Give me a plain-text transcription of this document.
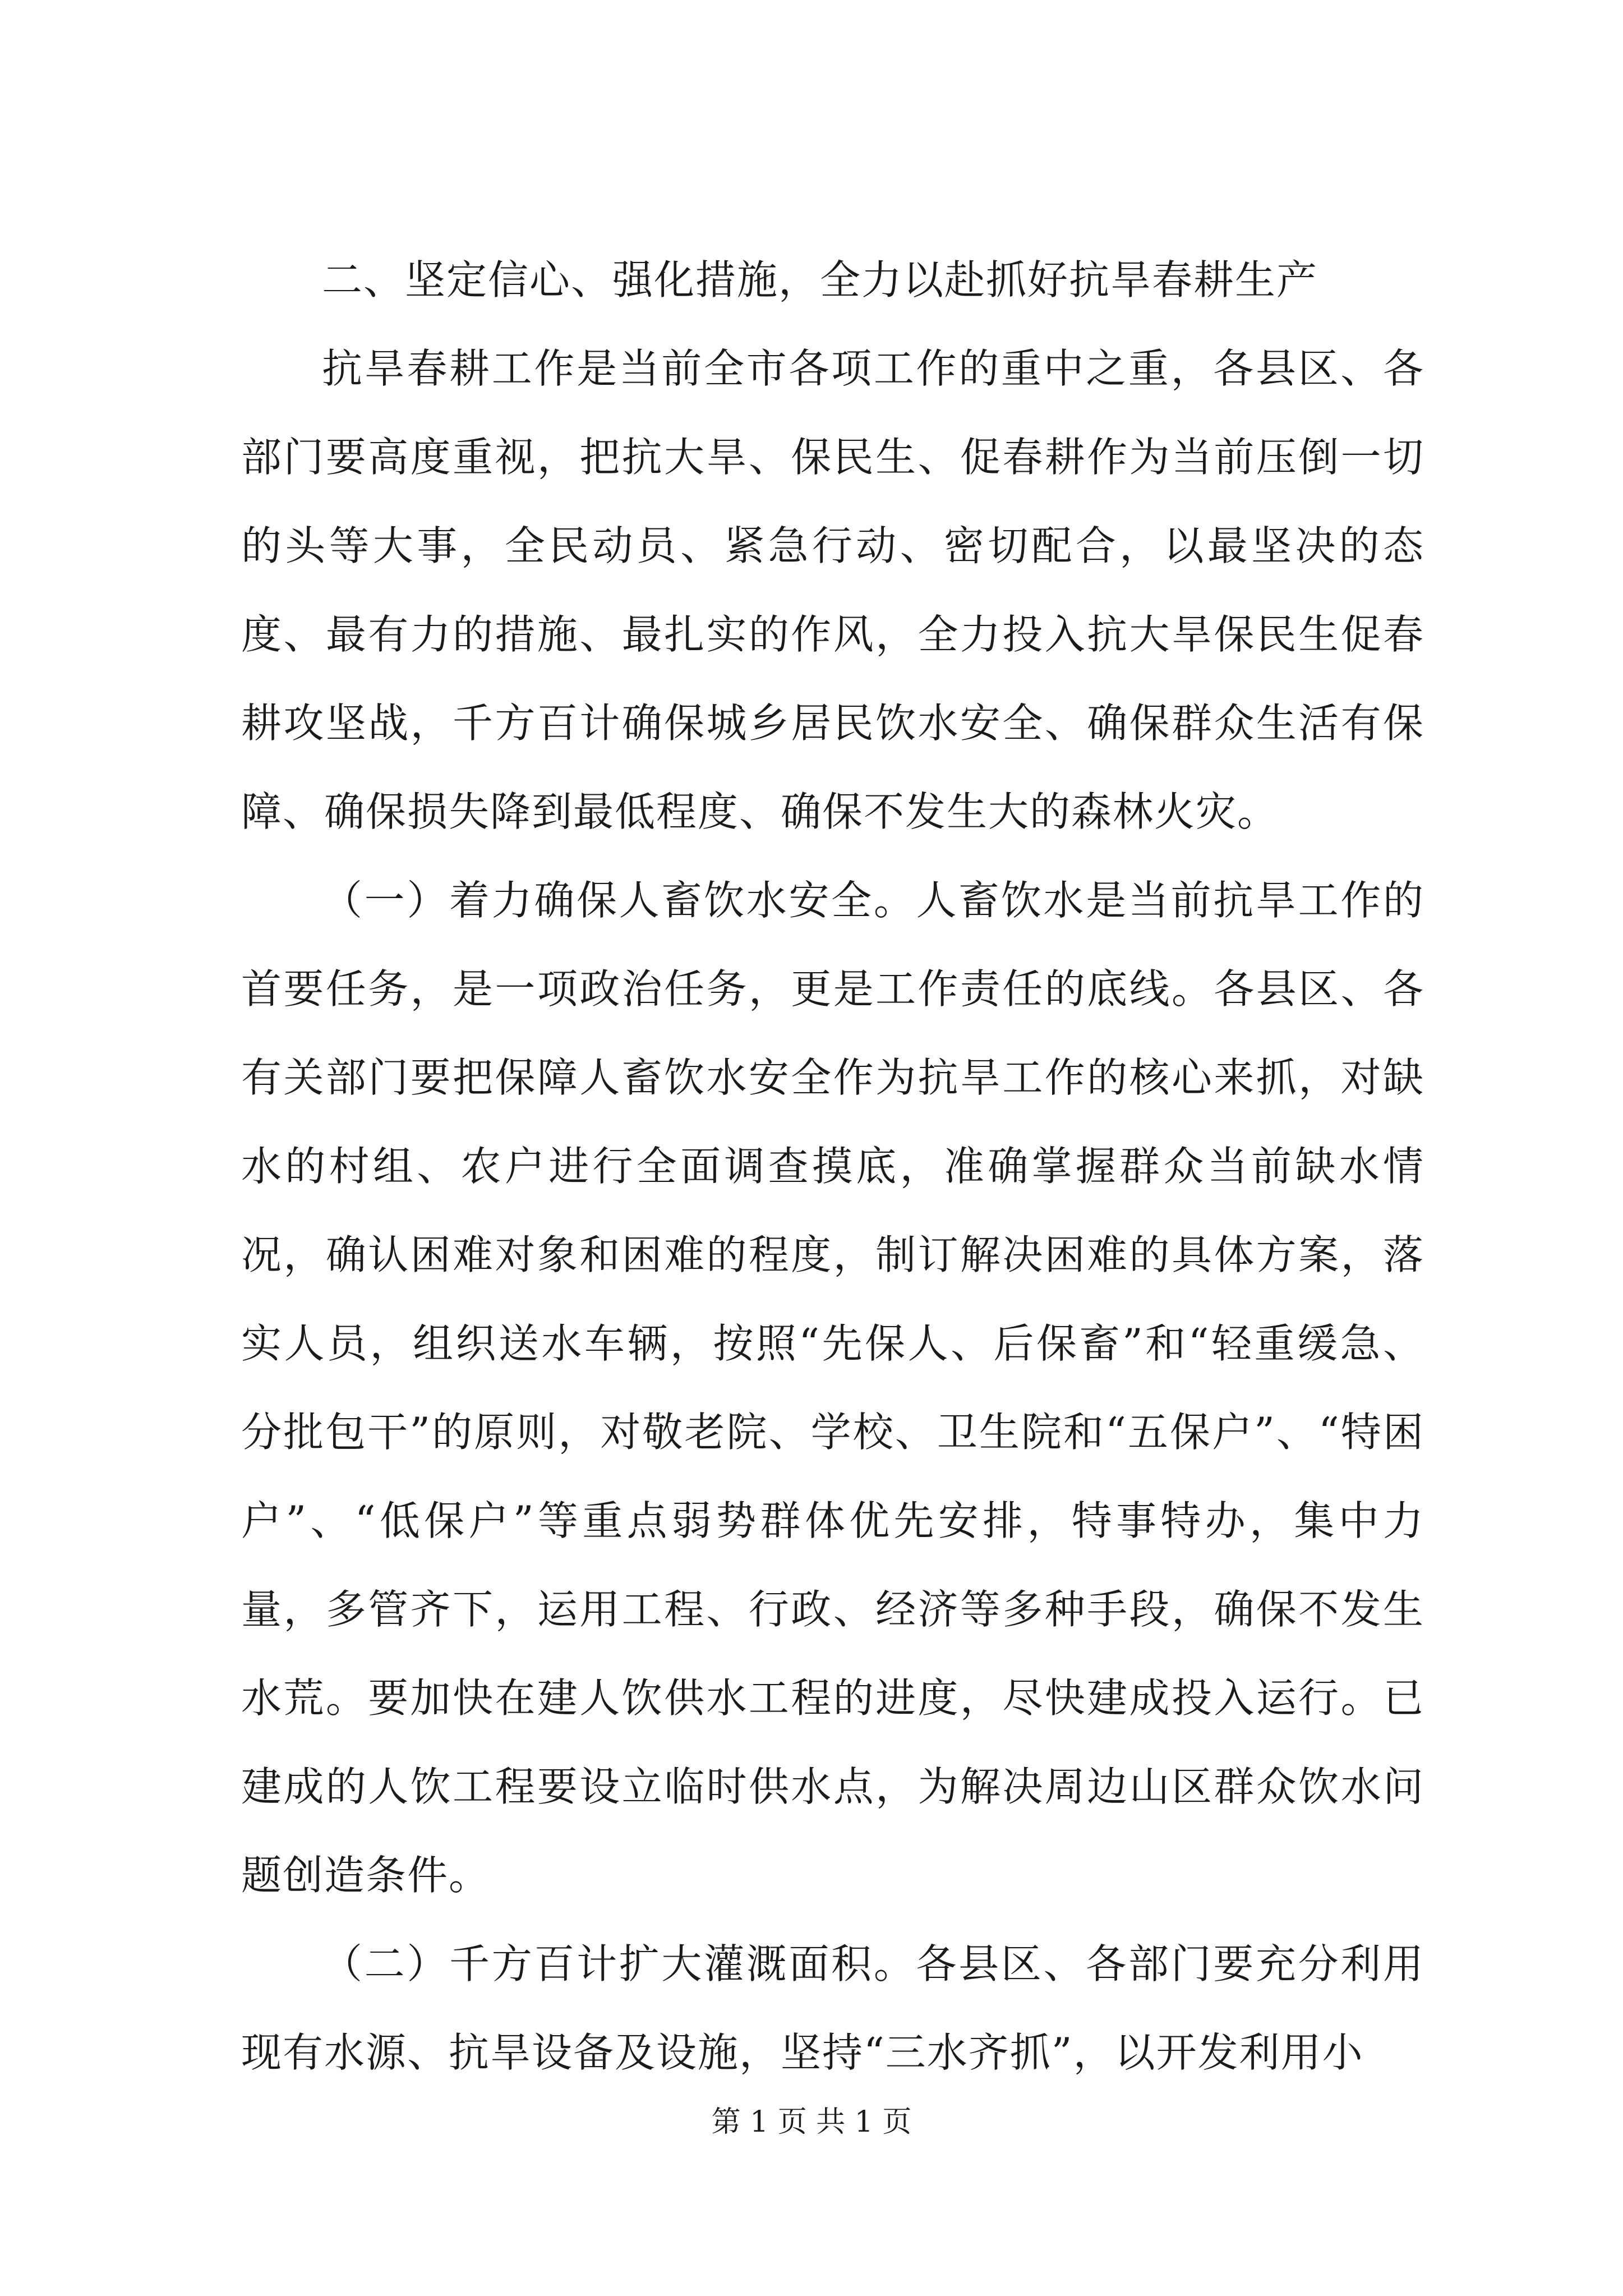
二、坚定信心、强化措施，全力以赴抓好抗旱春耕生产

抗旱春耕工作是当前全市各项工作的重中之重，各县区、各部门要高度重视，把抗大旱、保民生、促春耕作为当前压倒一切的头等大事，全民动员、紧急行动、密切配合，以最坚决的态度、最有力的措施、最扎实的作风，全力投入抗大旱保民生促春耕攻坚战，千方百计确保城乡居民饮水安全、确保群众生活有保障、确保损失降到最低程度、确保不发生大的森林火灾。

（一）着力确保人畜饮水安全。人畜饮水是当前抗旱工作的首要任务，是一项政治任务，更是工作责任的底线。各县区、各有关部门要把保障人畜饮水安全作为抗旱工作的核心来抓，对缺水的村组、农户进行全面调查摸底，准确掌握群众当前缺水情况，确认困难对象和困难的程度，制订解决困难的具体方案，落实人员，组织送水车辆，按照“先保人、后保畜”和“轻重缓急、分批包干”的原则，对敬老院、学校、卫生院和“五保户”、“特困户”、“低保户”等重点弱势群体优先安排，特事特办，集中力量，多管齐下，运用工程、行政、经济等多种手段，确保不发生水荒。要加快在建人饮供水工程的进度，尽快建成投入运行。已建成的人饮工程要设立临时供水点，为解决周边山区群众饮水问题创造条件。

（二）千方百计扩大灌溉面积。各县区、各部门要充分利用现有水源、抗旱设备及设施，坚持“三水齐抓”，以开发利用小

第 1 页 共 1 页
